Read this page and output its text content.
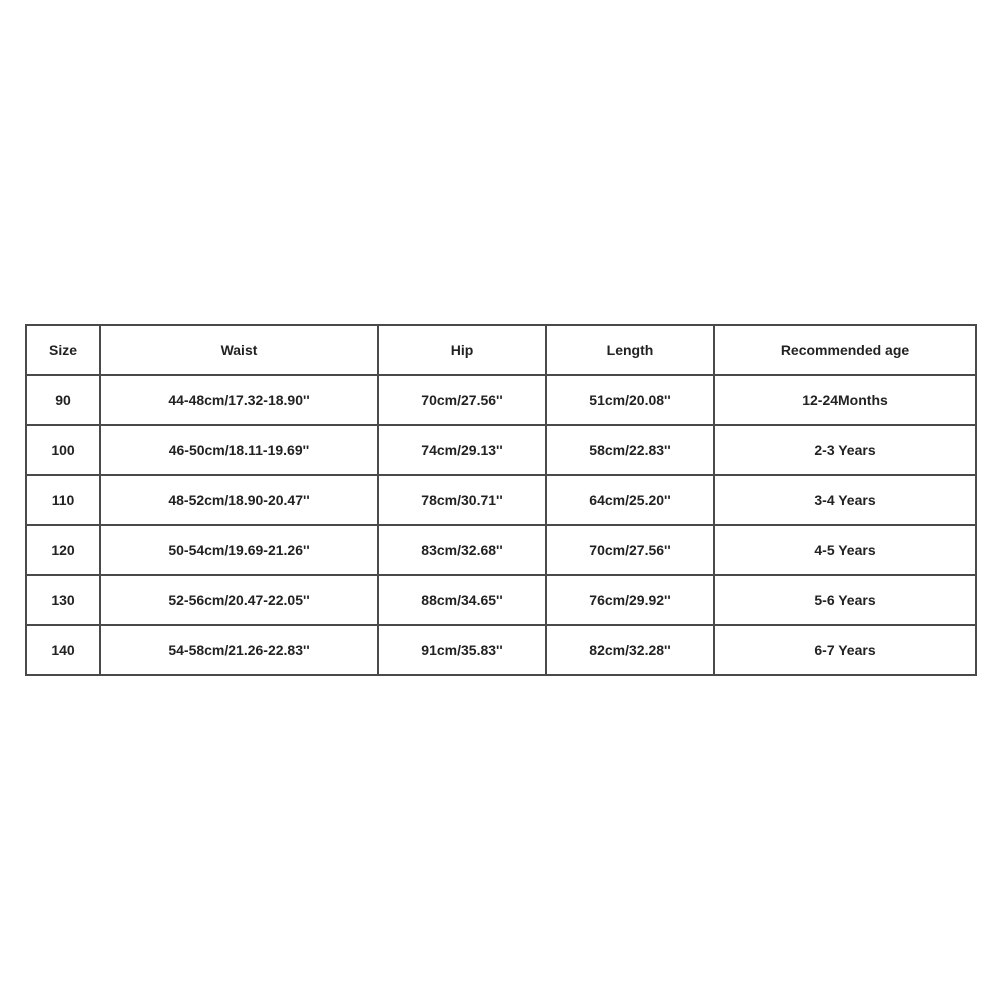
Size	Waist	Hip	Length	Recommended age
90	44-48cm/17.32-18.90''	70cm/27.56''	51cm/20.08''	12-24Months
100	46-50cm/18.11-19.69''	74cm/29.13''	58cm/22.83''	2-3 Years
110	48-52cm/18.90-20.47''	78cm/30.71''	64cm/25.20''	3-4 Years
120	50-54cm/19.69-21.26''	83cm/32.68''	70cm/27.56''	4-5 Years
130	52-56cm/20.47-22.05''	88cm/34.65''	76cm/29.92''	5-6 Years
140	54-58cm/21.26-22.83''	91cm/35.83''	82cm/32.28''	6-7 Years
